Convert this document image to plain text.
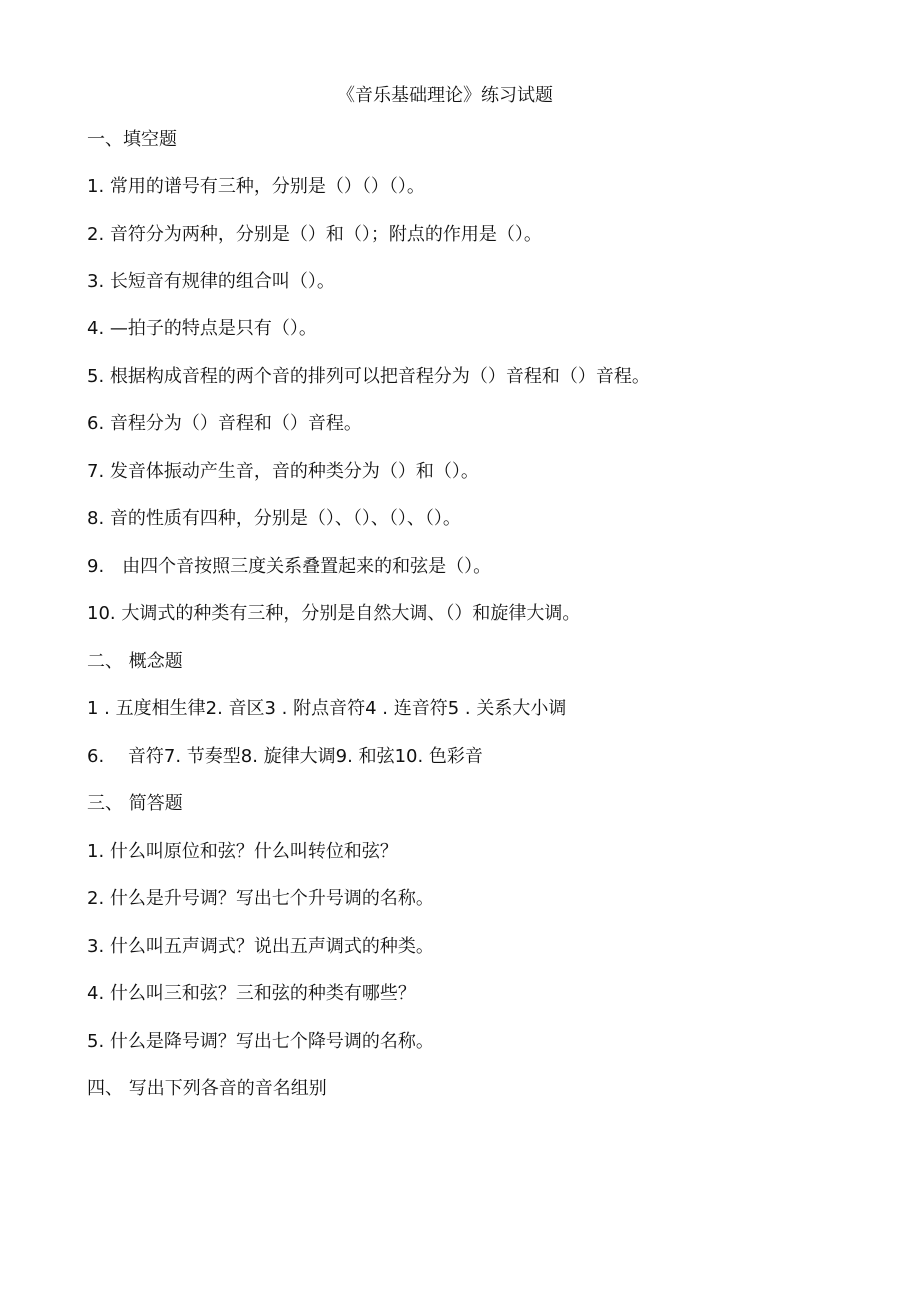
《音乐基础理论》练习试题
一、填空题
1. 常用的谱号有三种，分别是（）（）（）。
2. 音符分为两种，分别是（）和（）；附点的作用是（）。
3. 长短音有规律的组合叫（）。
4. —拍子的特点是只有（）。
5. 根据构成音程的两个音的排列可以把音程分为（）音程和（）音程。
6. 音程分为（）音程和（）音程。
7. 发音体振动产生音，音的种类分为（）和（）。
8. 音的性质有四种，分别是（）、（）、（）、（）。
9.　由四个音按照三度关系叠置起来的和弦是（）。
10. 大调式的种类有三种，分别是自然大调、（）和旋律大调。
二、 概念题
1 . 五度相生律2. 音区3 . 附点音符4 . 连音符5 . 关系大小调
6.　 音符7. 节奏型8. 旋律大调9. 和弦10. 色彩音
三、 简答题
1. 什么叫原位和弦？什么叫转位和弦？
2. 什么是升号调？写出七个升号调的名称。
3. 什么叫五声调式？说出五声调式的种类。
4. 什么叫三和弦？三和弦的种类有哪些？
5. 什么是降号调？写出七个降号调的名称。
四、 写出下列各音的音名组别
